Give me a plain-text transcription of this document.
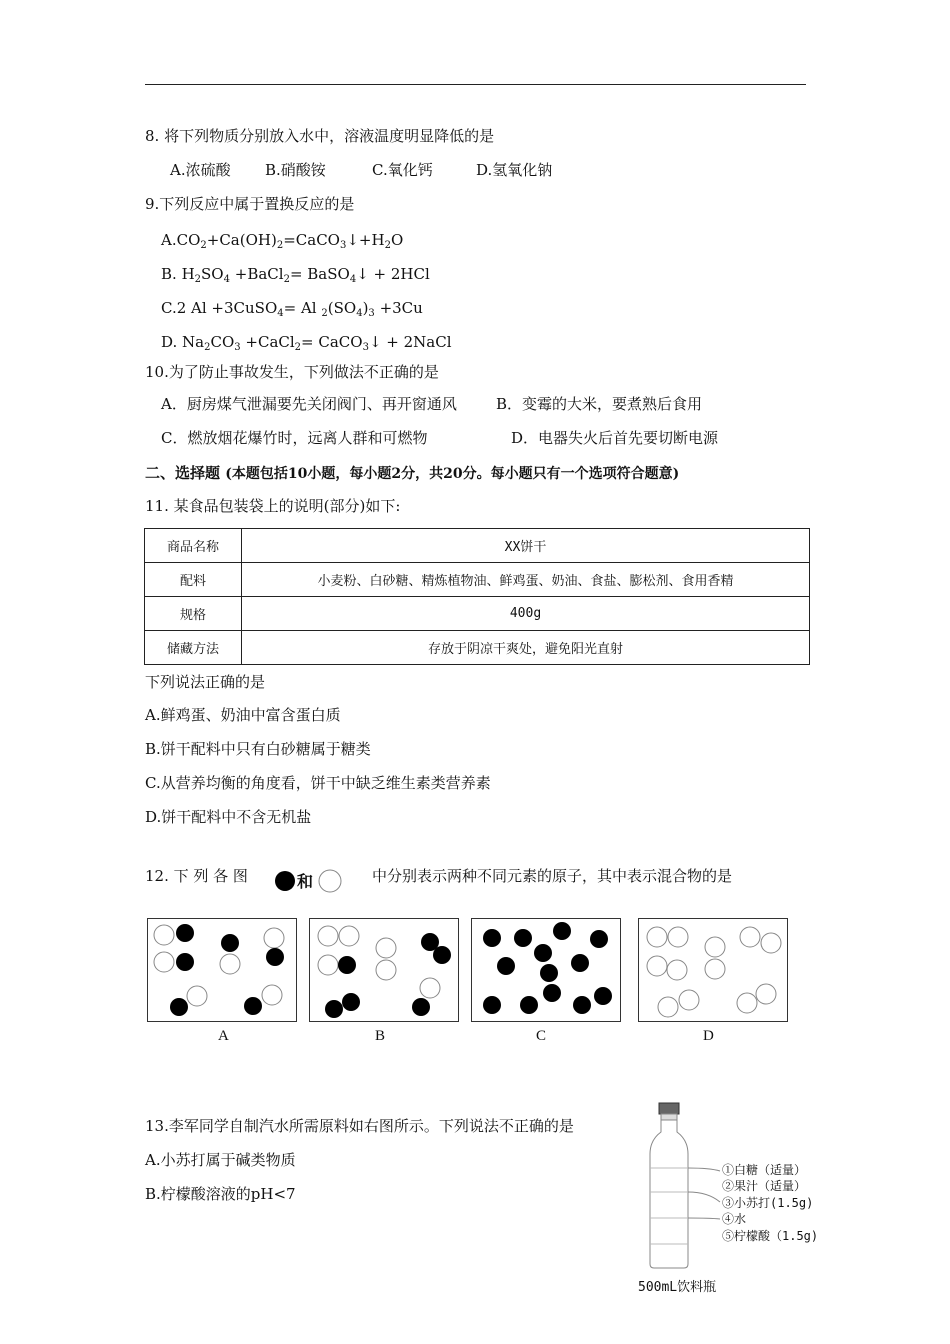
8. 将下列物质分别放入水中，溶液温度明显降低的是
A.浓硫酸 B.硝酸铵	C.氧化钙	D.氢氧化钠
9.下列反应中属于置换反应的是
$A.CO_2+Ca(OH)_2=CaCO_3↓+H_2O$
B. $H_2SO_4$ +BaCl$_2$= BaSO$_4$↓ + 2HCl
C.2 Al +3CuSO$_4$= Al $_2(SO_4)_3 +3Cu$
D. $Na_2CO_3$ +CaCl$_2$= CaCO$_3$↓ + 2NaCl
10.为了防止事故发生，下列做法不正确的是
A．厨房煤气泄漏要先关闭阀门、再开窗通风	B．变霉的大米，要煮熟后食用
C．燃放烟花爆竹时，远离人群和可燃物	D．电器失火后首先要切断电源
二、选择题 (本题包括10小题，每小题2分，共20分。每小题只有一个选项符合题意)
11. 某食品包装袋上的说明(部分)如下:
商品名称	XX饼干
配料	小麦粉、白砂糖、精炼植物油、鲜鸡蛋、奶油、食盐、膨松剂、食用香精
规格	400g
储藏方法	存放于阴凉干爽处，避免阳光直射
下列说法正确的是
A.鲜鸡蛋、奶油中富含蛋白质
B.饼干配料中只有白砂糖属于糖类
C.从营养均衡的角度看，饼干中缺乏维生素类营养素
D.饼干配料中不含无机盐
12. 下 列 各 图	和	中分别表示两种不同元素的原子，其中表示混合物的是
A	B	C	D
13.李军同学自制汽水所需原料如右图所示。下列说法不正确的是
A.小苏打属于碱类物质
B.柠檬酸溶液的pH<7
①白糖（适量）
②果汁（适量）
③小苏打(1.5g)
④水
⑤柠檬酸（1.5g)
500mL饮料瓶
